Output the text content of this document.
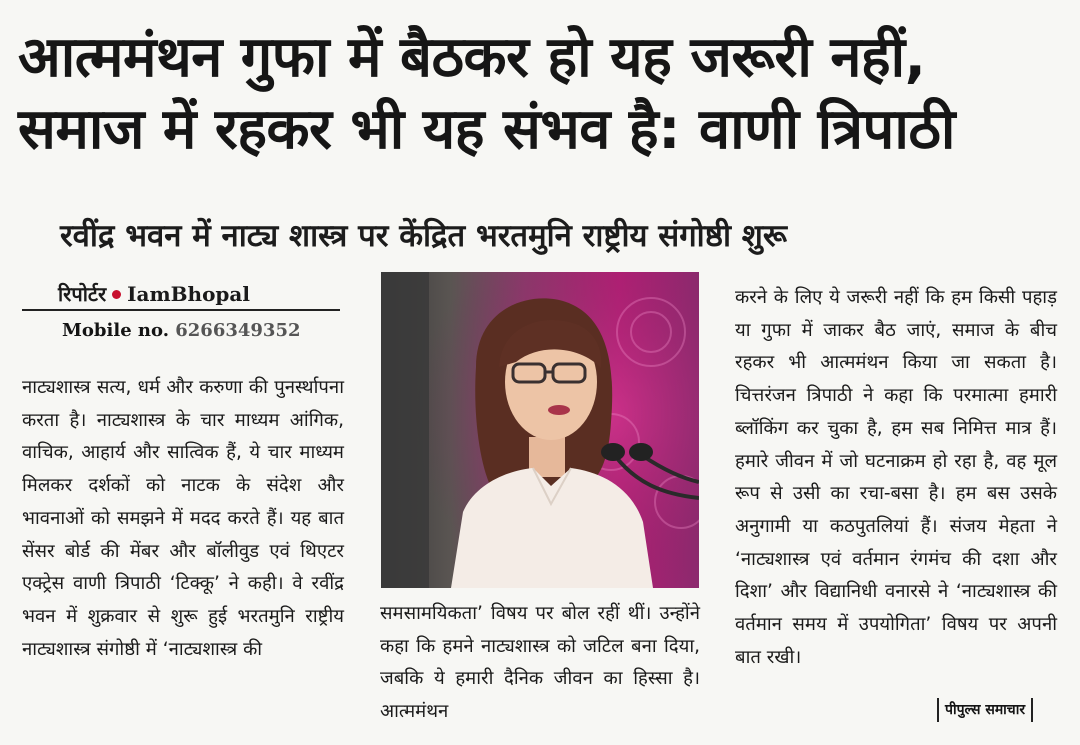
आत्ममंथन गुफा में बैठकर हो यह जरूरी नहीं,
समाज में रहकर भी यह संभव है: वाणी त्रिपाठी
रवींद्र भवन में नाट्य शास्त्र पर केंद्रित भरतमुनि राष्ट्रीय संगोष्ठी शुरू
रिपोर्टर IamBhopal
Mobile no. 6266349352

नाट्यशास्त्र सत्य, धर्म और करुणा की पुनर्स्थापना करता है। नाट्यशास्त्र के चार माध्यम आंगिक, वाचिक, आहार्य और सात्विक हैं, ये चार माध्यम मिलकर दर्शकों को नाटक के संदेश और भावनाओं को समझने में मदद करते हैं। यह बात सेंसर बोर्ड की मेंबर और बॉलीवुड एवं थिएटर एक्ट्रेस वाणी त्रिपाठी ‘टिक्कू’ ने कही। वे रवींद्र भवन में शुक्रवार से शुरू हुई भरतमुनि राष्ट्रीय नाट्यशास्त्र संगोष्ठी में ‘नाट्यशास्त्र की

समसामयिकता’ विषय पर बोल रहीं थीं। उन्होंने कहा कि हमने नाट्यशास्त्र को जटिल बना दिया, जबकि ये हमारी दैनिक जीवन का हिस्सा है। आत्ममंथन

करने के लिए ये जरूरी नहीं कि हम किसी पहाड़ या गुफा में जाकर बैठ जाएं, समाज के बीच रहकर भी आत्ममंथन किया जा सकता है। चित्तरंजन त्रिपाठी ने कहा कि परमात्मा हमारी ब्लॉकिंग कर चुका है, हम सब निमित्त मात्र हैं। हमारे जीवन में जो घटनाक्रम हो रहा है, वह मूल रूप से उसी का रचा-बसा है। हम बस उसके अनुगामी या कठपुतलियां हैं। संजय मेहता ने ‘नाट्यशास्त्र एवं वर्तमान रंगमंच की दशा और दिशा’ और विद्यानिधी वनारसे ने ‘नाट्यशास्त्र की वर्तमान समय में उपयोगिता’ विषय पर अपनी बात रखी।

पीपुल्स समाचार
